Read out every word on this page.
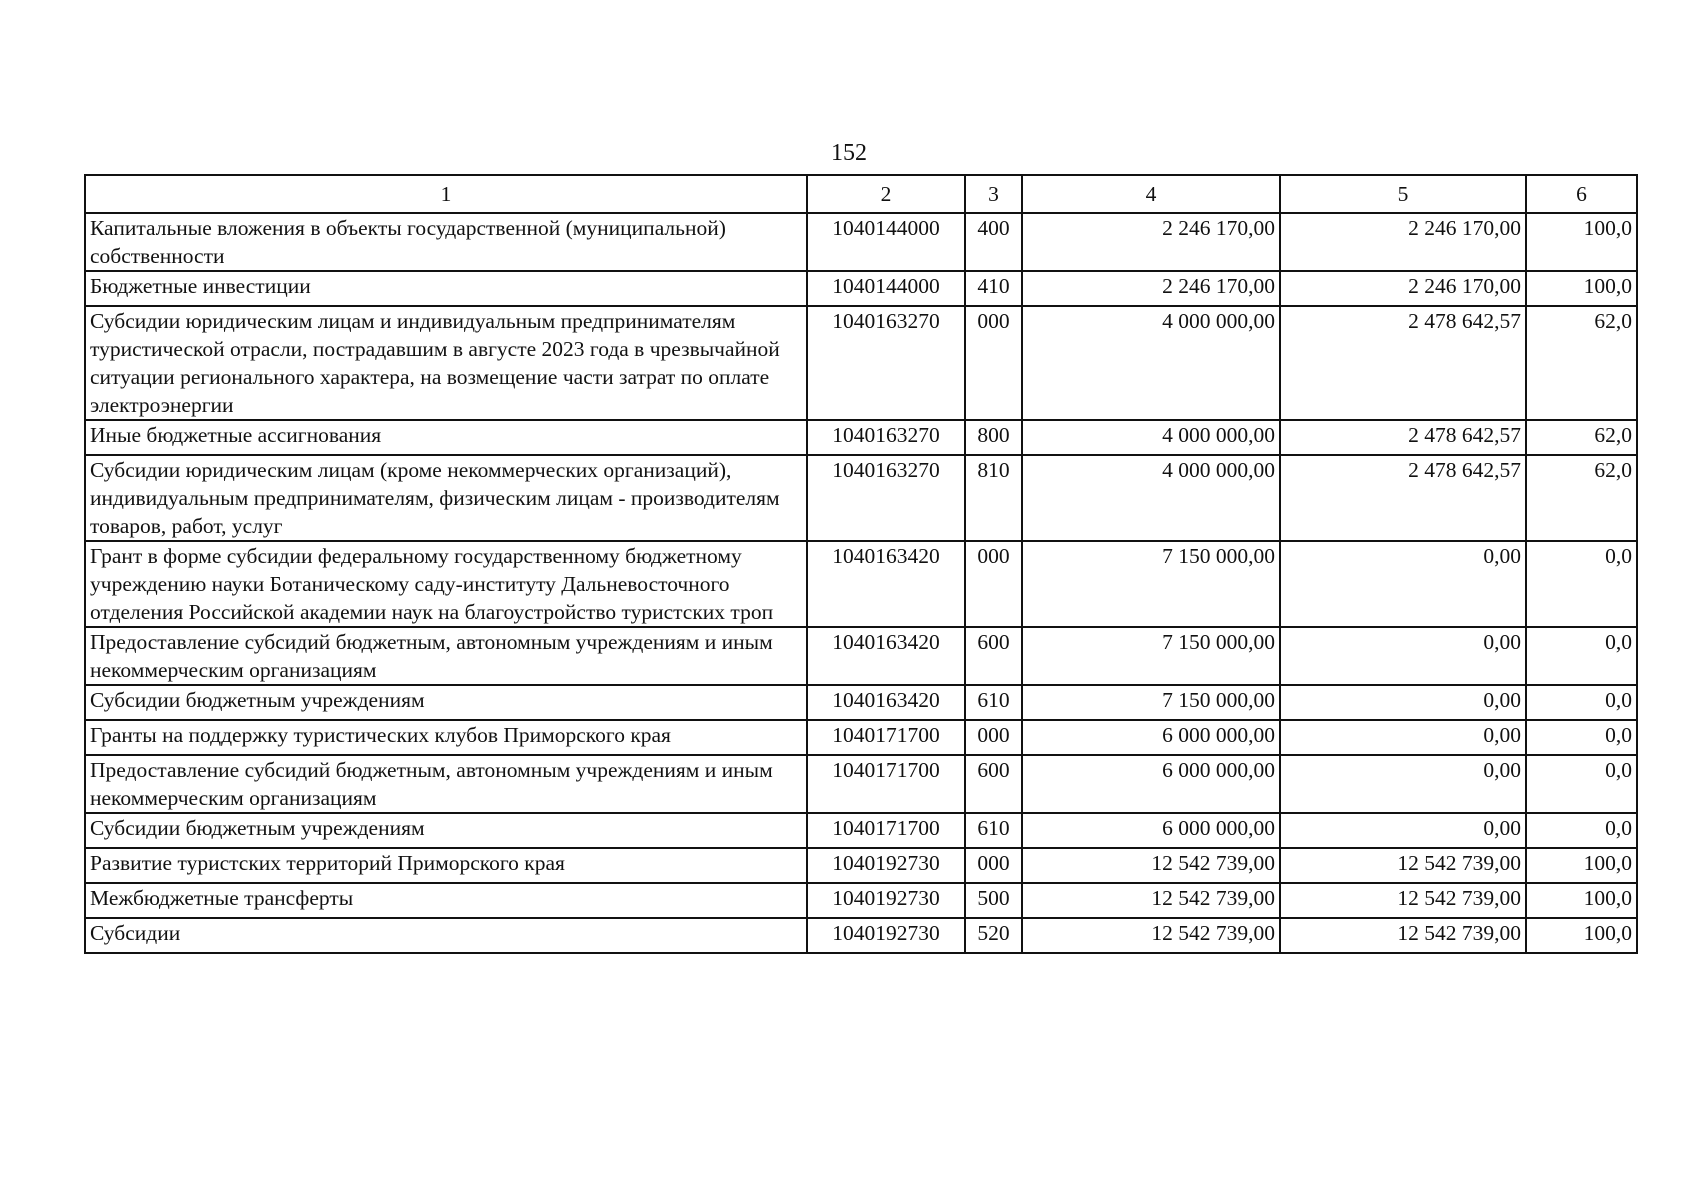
152
1	2	3	4	5	6
Капитальные вложения в объекты государственной (муниципальной) собственности	1040144000	400	2 246 170,00	2 246 170,00	100,0
Бюджетные инвестиции	1040144000	410	2 246 170,00	2 246 170,00	100,0
Субсидии юридическим лицам и индивидуальным предпринимателям туристической отрасли, пострадавшим в августе 2023 года в чрезвычайной ситуации регионального характера, на возмещение части затрат по оплате электроэнергии	1040163270	000	4 000 000,00	2 478 642,57	62,0
Иные бюджетные ассигнования	1040163270	800	4 000 000,00	2 478 642,57	62,0
Субсидии юридическим лицам (кроме некоммерческих организаций), индивидуальным предпринимателям, физическим лицам - производителям товаров, работ, услуг	1040163270	810	4 000 000,00	2 478 642,57	62,0
Грант в форме субсидии федеральному государственному бюджетному учреждению науки Ботаническому саду-институту Дальневосточного отделения Российской академии наук на благоустройство туристских троп	1040163420	000	7 150 000,00	0,00	0,0
Предоставление субсидий бюджетным, автономным учреждениям и иным некоммерческим организациям	1040163420	600	7 150 000,00	0,00	0,0
Субсидии бюджетным учреждениям	1040163420	610	7 150 000,00	0,00	0,0
Гранты на поддержку туристических клубов Приморского края	1040171700	000	6 000 000,00	0,00	0,0
Предоставление субсидий бюджетным, автономным учреждениям и иным некоммерческим организациям	1040171700	600	6 000 000,00	0,00	0,0
Субсидии бюджетным учреждениям	1040171700	610	6 000 000,00	0,00	0,0
Развитие туристских территорий Приморского края	1040192730	000	12 542 739,00	12 542 739,00	100,0
Межбюджетные трансферты	1040192730	500	12 542 739,00	12 542 739,00	100,0
Субсидии	1040192730	520	12 542 739,00	12 542 739,00	100,0
